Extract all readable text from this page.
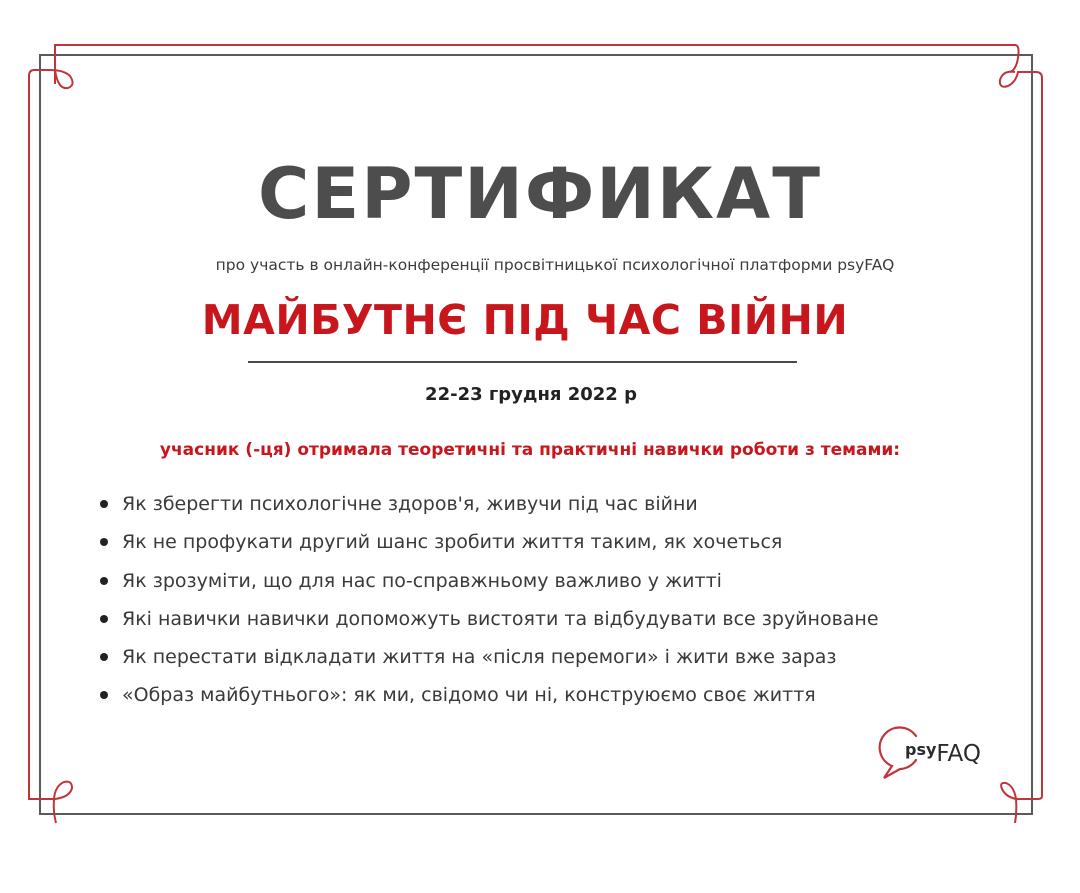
СЕРТИФИКАТ
про участь в онлайн-конференції просвітницької психологічної платформи psyFAQ
МАЙБУТНЄ ПІД ЧАС ВІЙНИ
22-23 грудня 2022 р
учасник (-ця) отримала теоретичні та практичні навички роботи з темами:
Як зберегти психологічне здоров'я, живучи під час війни
Як не профукати другий шанс зробити життя таким, як хочеться
Як зрозуміти, що для нас по-справжньому важливо у житті
Які навички навички допоможуть вистояти та відбудувати все зруйноване
Як перестати відкладати життя на «після перемоги» і жити вже зараз
«Образ майбутнього»: як ми, свідомо чи ні, конструюємо своє життя
psyFAQ
